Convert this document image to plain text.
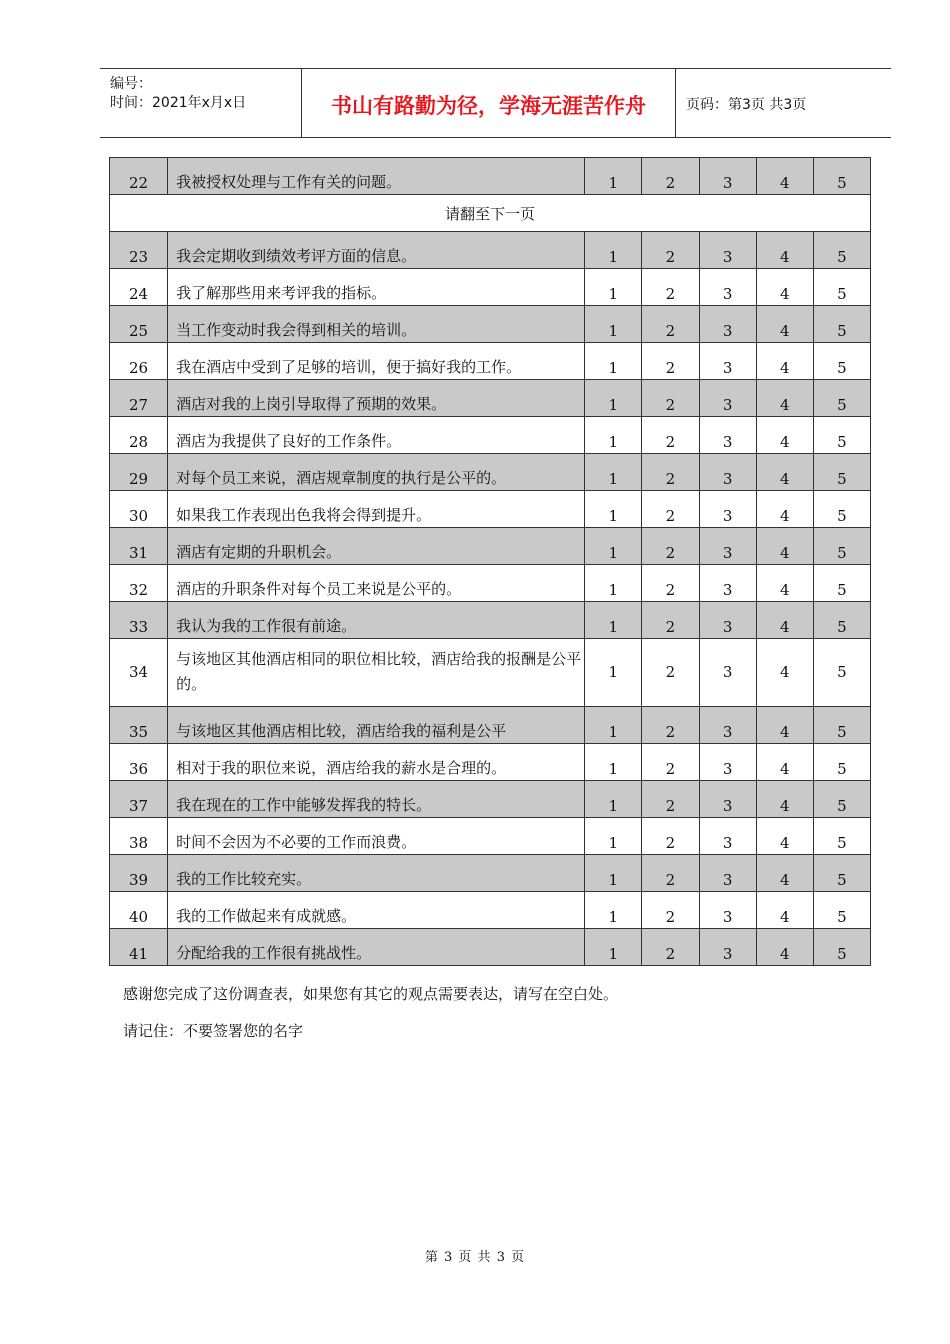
编号：
时间：2021年x月x日	书山有路勤为径，学海无涯苦作舟	页码：第3页 共3页
22	我被授权处理与工作有关的问题。	1	2	3	4	5
请翻至下一页						
23	我会定期收到绩效考评方面的信息。	1	2	3	4	5
24	我了解那些用来考评我的指标。	1	2	3	4	5
25	当工作变动时我会得到相关的培训。	1	2	3	4	5
26	我在酒店中受到了足够的培训，便于搞好我的工作。	1	2	3	4	5
27	酒店对我的上岗引导取得了预期的效果。	1	2	3	4	5
28	酒店为我提供了良好的工作条件。	1	2	3	4	5
29	对每个员工来说，酒店规章制度的执行是公平的。	1	2	3	4	5
30	如果我工作表现出色我将会得到提升。	1	2	3	4	5
31	酒店有定期的升职机会。	1	2	3	4	5
32	酒店的升职条件对每个员工来说是公平的。	1	2	3	4	5
33	我认为我的工作很有前途。	1	2	3	4	5
34	与该地区其他酒店相同的职位相比较，酒店给我的报酬是公平的。	1	2	3	4	5
35	与该地区其他酒店相比较，酒店给我的福利是公平	1	2	3	4	5
36	相对于我的职位来说，酒店给我的薪水是合理的。	1	2	3	4	5
37	我在现在的工作中能够发挥我的特长。	1	2	3	4	5
38	时间不会因为不必要的工作而浪费。	1	2	3	4	5
39	我的工作比较充实。	1	2	3	4	5
40	我的工作做起来有成就感。	1	2	3	4	5
41	分配给我的工作很有挑战性。	1	2	3	4	5
感谢您完成了这份调查表，如果您有其它的观点需要表达，请写在空白处。
请记住：不要签署您的名字
第 3 页 共 3 页
